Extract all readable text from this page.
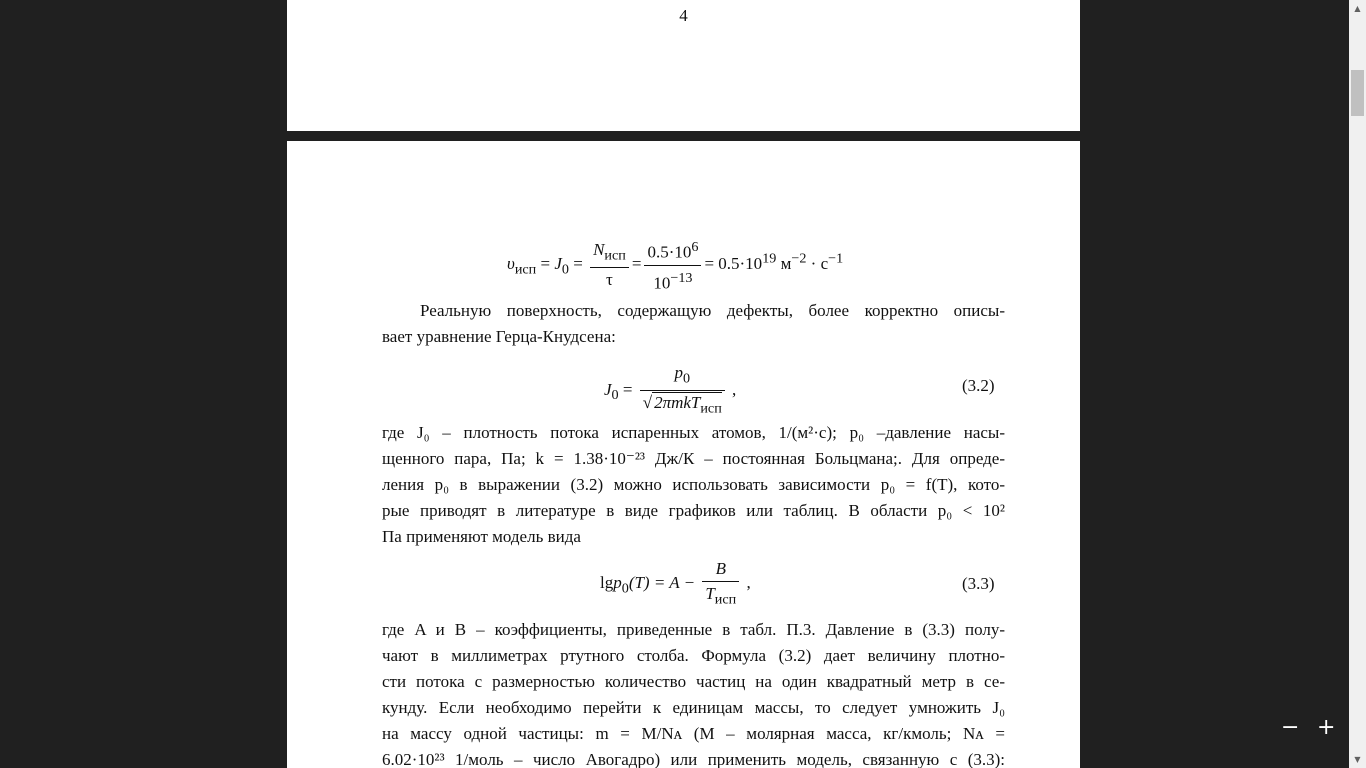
4
$\upsilon_{исп} = J_0 = \frac{N_{исп}}{\tau} = \frac{0.5\cdot 10^6}{10^{-13}} = 0.5\cdot 10^{19}$ $м^{-2} \cdot с^{-1}$
Реальную поверхность, содержащую дефекты, более корректно описы-
вает уравнение Герца-Кнудсена:
$J_0 = \frac{p_0}{√ 2\pi mkT_{исп}}$ ,	(3.2)
где J₀ – плотность потока испаренных атомов, 1/(м²·с); p₀ –давление насы-
щенного пара, Па; k = 1.38·10⁻²³ Дж/К – постоянная Больцмана;. Для опреде-
ления p₀ в выражении (3.2) можно использовать зависимости p₀ = f(T), кото-
рые приводят в литературе в виде графиков или таблиц. В области p₀ < 10²
Па применяют модель вида
$\lg p_0(T) = A - \frac{B}{T_{исп}}$ ,	(3.3)
где A и B – коэффициенты, приведенные в табл. П.3. Давление в (3.3) полу-
чают в миллиметрах ртутного столба. Формула (3.2) дает величину плотно-
сти потока с размерностью количество частиц на один квадратный метр в се-
кунду. Если необходимо перейти к единицам массы, то следует умножить J₀
на массу одной частицы: m = M/Nᴀ (M – молярная масса, кг/кмоль; Nᴀ =
6.02·10²³ 1/моль – число Авогадро) или применить модель, связанную с (3.3):
− +
▲
▼
